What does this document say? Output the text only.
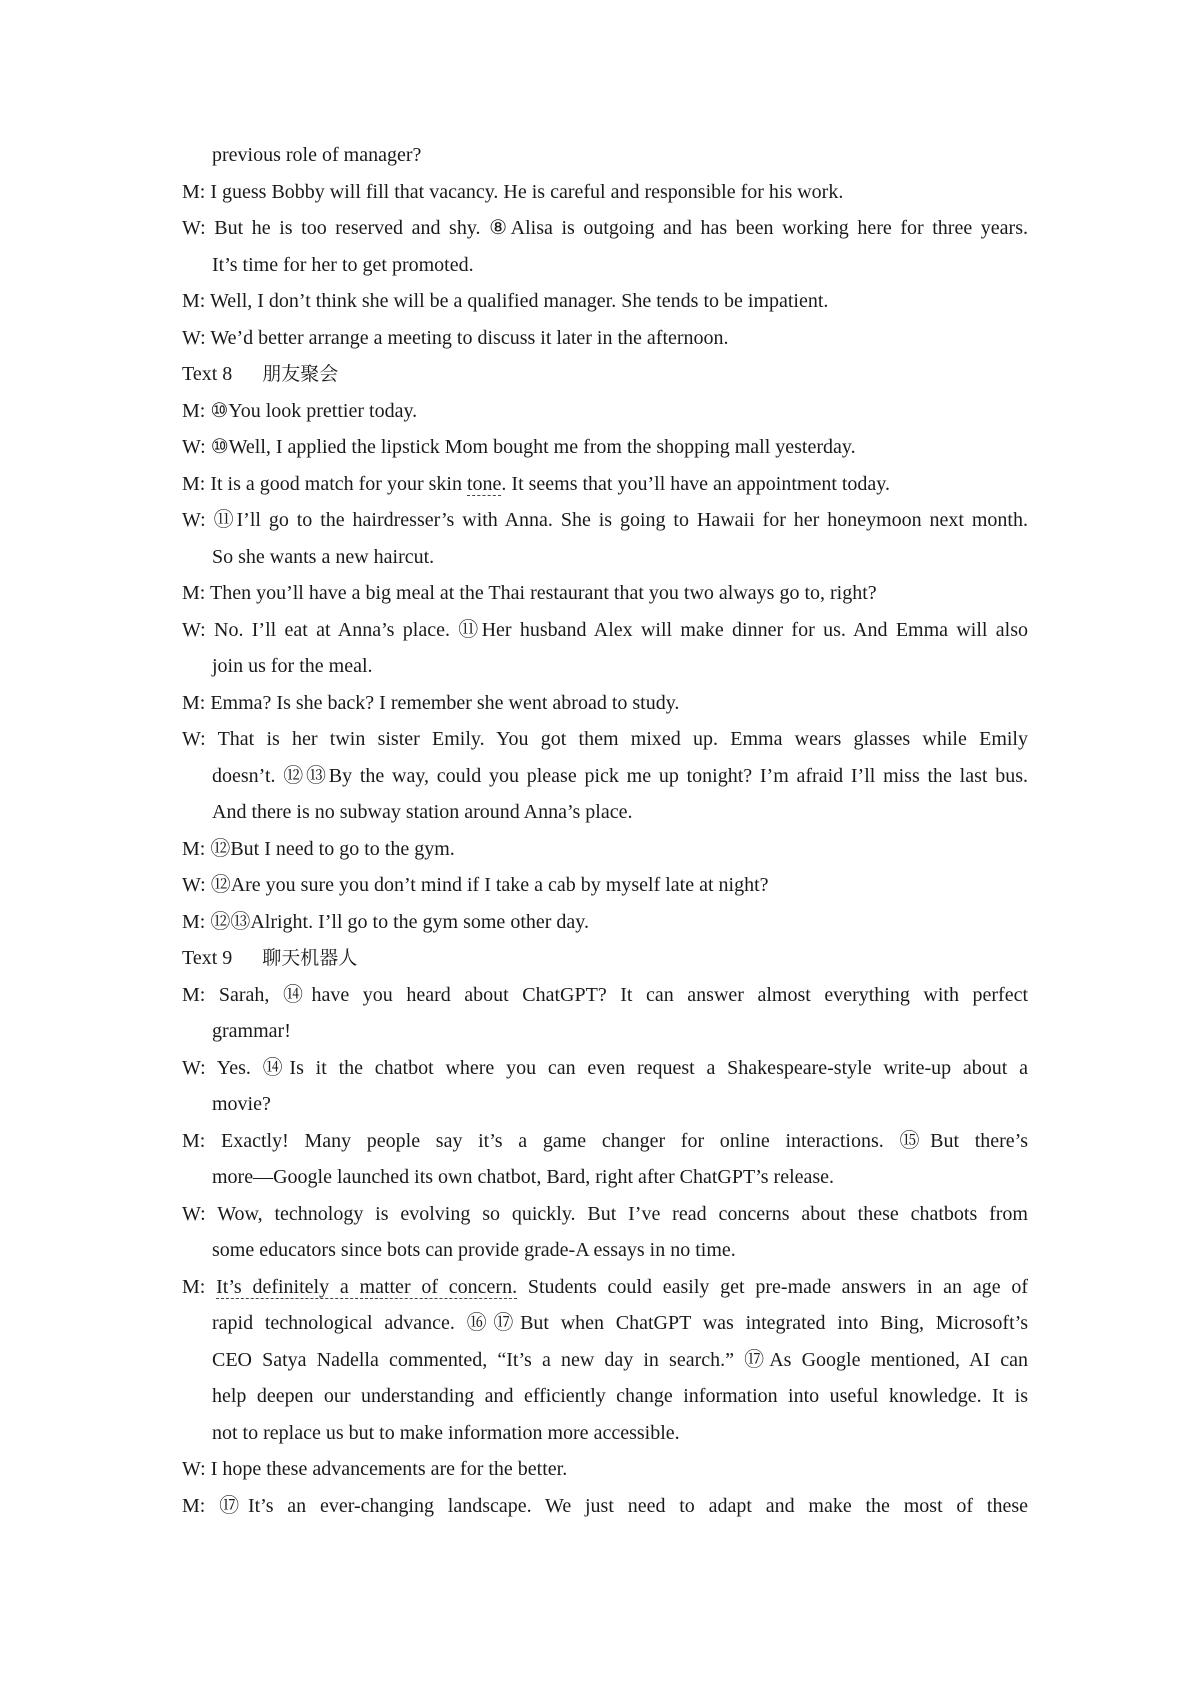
previous role of manager?
M: I guess Bobby will fill that vacancy. He is careful and responsible for his work.
W: But he is too reserved and shy. ⑧Alisa is outgoing and has been working here for three years.
It’s time for her to get promoted.
M: Well, I don’t think she will be a qualified manager. She tends to be impatient.
W: We’d better arrange a meeting to discuss it later in the afternoon.
Text 8 朋友聚会
M: ⑩You look prettier today.
W: ⑩Well, I applied the lipstick Mom bought me from the shopping mall yesterday.
M: It is a good match for your skin tone. It seems that you’ll have an appointment today.
W: ⑪I’ll go to the hairdresser’s with Anna. She is going to Hawaii for her honeymoon next month.
So she wants a new haircut.
M: Then you’ll have a big meal at the Thai restaurant that you two always go to, right?
W: No. I’ll eat at Anna’s place. ⑪Her husband Alex will make dinner for us. And Emma will also
join us for the meal.
M: Emma? Is she back? I remember she went abroad to study.
W: That is her twin sister Emily. You got them mixed up. Emma wears glasses while Emily
doesn’t. ⑫⑬By the way, could you please pick me up tonight? I’m afraid I’ll miss the last bus.
And there is no subway station around Anna’s place.
M: ⑫But I need to go to the gym.
W: ⑫Are you sure you don’t mind if I take a cab by myself late at night?
M: ⑫⑬Alright. I’ll go to the gym some other day.
Text 9 聊天机器人
M: Sarah, ⑭have you heard about ChatGPT? It can answer almost everything with perfect
grammar!
W: Yes. ⑭Is it the chatbot where you can even request a Shakespeare-style write-up about a
movie?
M: Exactly! Many people say it’s a game changer for online interactions. ⑮But there’s
more—Google launched its own chatbot, Bard, right after ChatGPT’s release.
W: Wow, technology is evolving so quickly. But I’ve read concerns about these chatbots from
some educators since bots can provide grade-A essays in no time.
M: It’s definitely a matter of concern. Students could easily get pre-made answers in an age of
rapid technological advance. ⑯⑰But when ChatGPT was integrated into Bing, Microsoft’s
CEO Satya Nadella commented, “It’s a new day in search.” ⑰As Google mentioned, AI can
help deepen our understanding and efficiently change information into useful knowledge. It is
not to replace us but to make information more accessible.
W: I hope these advancements are for the better.
M: ⑰It’s an ever-changing landscape. We just need to adapt and make the most of these
